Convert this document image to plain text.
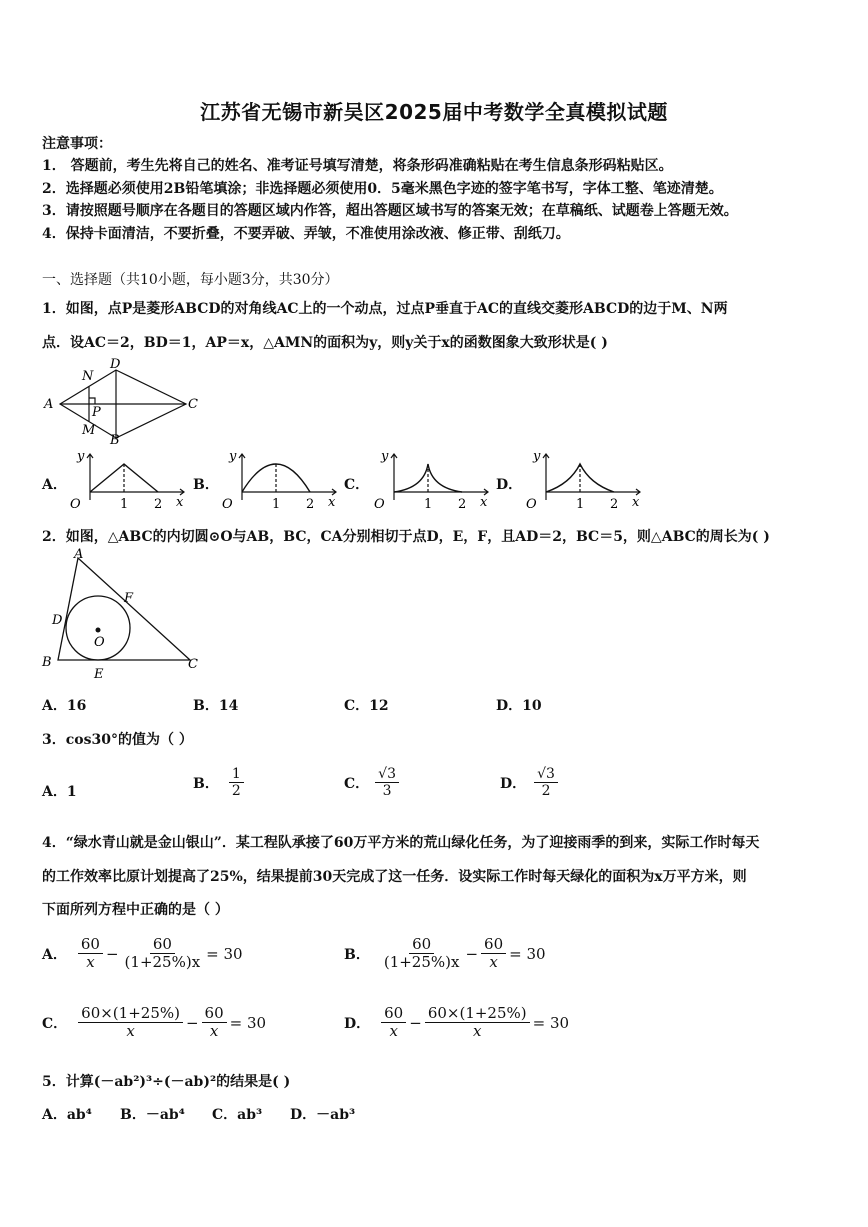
江苏省无锡市新吴区2025届中考数学全真模拟试题
注意事项：
1． 答题前，考生先将自己的姓名、准考证号填写清楚，将条形码准确粘贴在考生信息条形码粘贴区。
2．选择题必须使用2B铅笔填涂；非选择题必须使用0．5毫米黑色字迹的签字笔书写，字体工整、笔迹清楚。
3．请按照题号顺序在各题目的答题区域内作答，超出答题区域书写的答案无效；在草稿纸、试题卷上答题无效。
4．保持卡面清洁，不要折叠，不要弄破、弄皱，不准使用涂改液、修正带、刮纸刀。
一、选择题（共10小题，每小题3分，共30分）
1．如图，点P是菱形ABCD的对角线AC上的一个动点，过点P垂直于AC的直线交菱形ABCD的边于M、N两
点．设AC＝2，BD＝1，AP＝x，△AMN的面积为y，则y关于x的函数图象大致形状是( )
A
D
C
B
N
M
P
A．
y
x
O	1 2
B．
y
x
O	1 2
C．
y
x
O	1 2
D．
y
x
O	1 2
2．如图，△ABC的内切圆⊙O与AB，BC，CA分别相切于点D，E，F，且AD＝2，BC＝5，则△ABC的周长为( )
A
B	C
D
E
F
O
A．16	B．14	C．12	D．10
3．cos30°的值为（ ）
A．1
B． $\frac{1}{2}$	C． $\frac{√3}{3}$	D． $\frac{√3}{2}$
4．“绿水青山就是金山银山”．某工程队承接了60万平方米的荒山绿化任务，为了迎接雨季的到来，实际工作时每天
的工作效率比原计划提高了25%，结果提前30天完成了这一任务．设实际工作时每天绿化的面积为x万平方米，则
下面所列方程中正确的是（ ）
A． $\frac{60}{x} - \frac{60}{(1+25\%)x} = 30$	B． $\frac{60}{(1+25\%)x} - \frac{60}{x} = 30$
C． $\frac{60\times(1+25\%)}{x} - \frac{60}{x} = 30$	D． $\frac{60}{x} - \frac{60\times(1+25\%)}{x} = 30$
5．计算(－ab²)³÷(－ab)²的结果是( )
A．ab⁴ B．－ab⁴ C．ab³ D．－ab³
